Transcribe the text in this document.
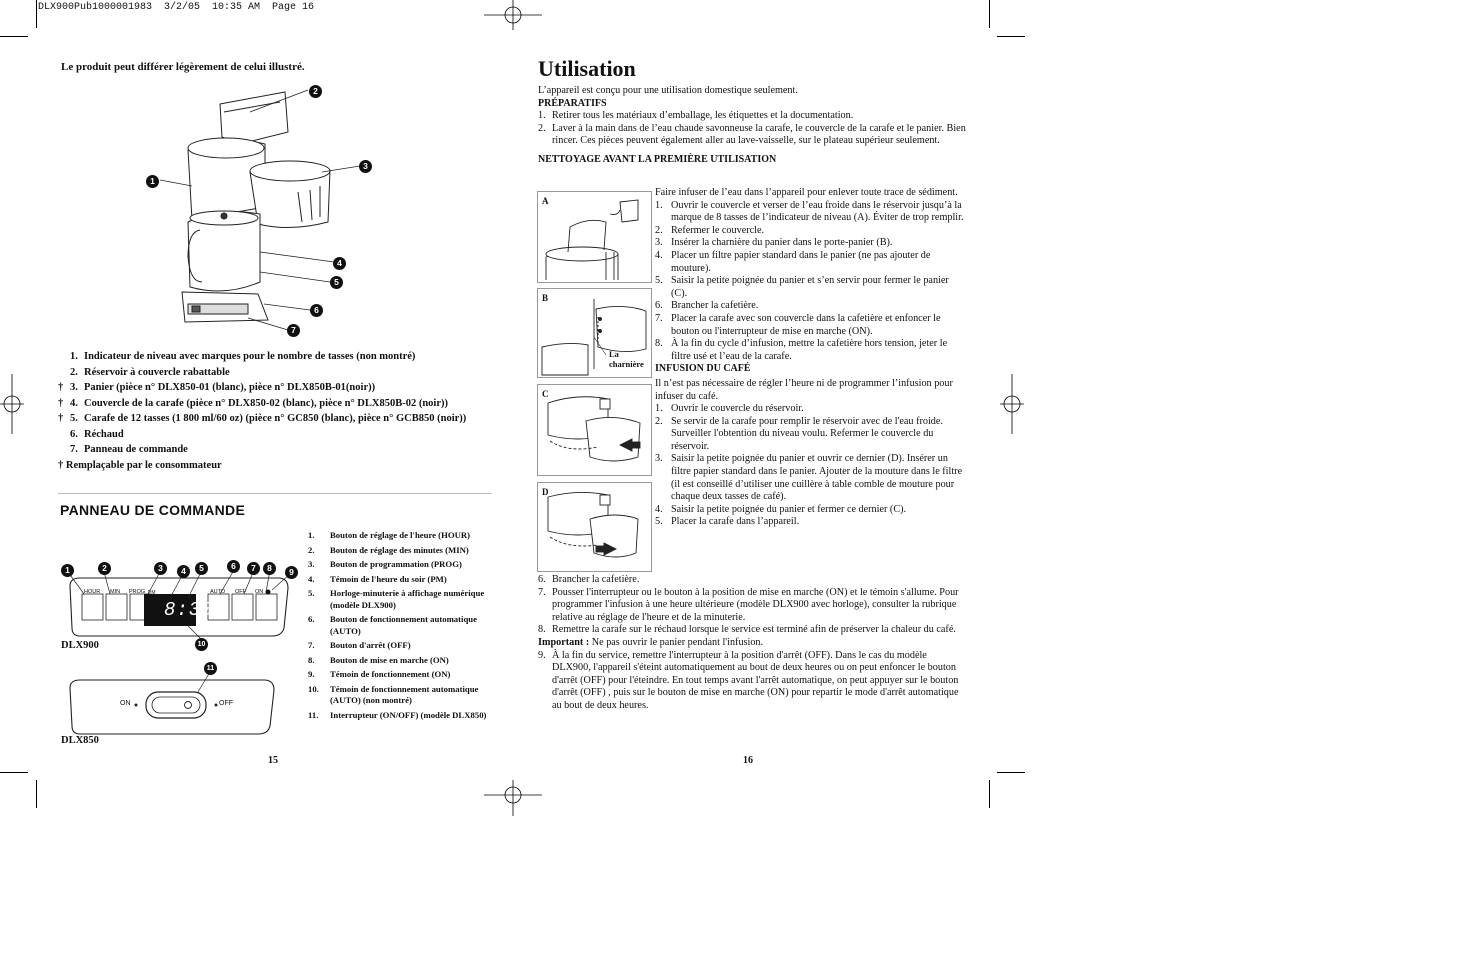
DLX900Pub1000001983  3/2/05  10:35 AM  Page 16
Le produit peut différer légèrement de celui illustré.
2
1
3
4
5
6
7
1. Indicateur de niveau avec marques pour le nombre de tasses (non montré)
2. Réservoir à couvercle rabattable
† 3. Panier (pièce n° DLX850-01 (blanc), pièce n° DLX850B-01(noir))
† 4. Couvercle de la carafe (pièce n° DLX850-02 (blanc), pièce n° DLX850B-02 (noir))
† 5. Carafe de 12 tasses (1 800 ml/60 oz) (pièce n° GC850 (blanc), pièce n° GCB850 (noir))
6. Réchaud
7. Panneau de commande
† Remplaçable par le consommateur
PANNEAU DE COMMANDE
HOUR MIN PROG PM	AUTO OFF ON
8:30
1	2	3	4	5	6	7	8	9
10
11
DLX900
ON	OFF
DLX850
1. Bouton de réglage de l'heure (HOUR)
2. Bouton de réglage des minutes (MIN)
3. Bouton de programmation (PROG)
4. Témoin de l'heure du soir (PM)
5. Horloge-minuterie à affichage numérique (modèle DLX900)
6. Bouton de fonctionnement automatique (AUTO)
7. Bouton d'arrêt (OFF)
8. Bouton de mise en marche (ON)
9. Témoin de fonctionnement (ON)
10. Témoin de fonctionnement automatique (AUTO) (non montré)
11. Interrupteur (ON/OFF) (modèle DLX850)
15
Utilisation
L’appareil est conçu pour une utilisation domestique seulement.
PRÉPARATIFS
1. Retirer tous les matériaux d’emballage, les étiquettes et la documentation.
2. Laver à la main dans de l’eau chaude savonneuse la carafe, le couvercle de la carafe et le panier. Bien rincer. Ces pièces peuvent également aller au lave-vaisselle, sur le plateau supérieur seulement.
NETTOYAGE AVANT LA PREMIÈRE UTILISATION
A
B
La
charnière
C
D
Faire infuser de l’eau dans l’appareil pour enlever toute trace de sédiment.
1. Ouvrir le couvercle et verser de l’eau froide dans le réservoir jusqu’à la marque de 8 tasses de l’indicateur de niveau (A). Éviter de trop remplir.
2. Refermer le couvercle.
3. Insérer la charnière du panier dans le porte-panier (B).
4. Placer un filtre papier standard dans le panier (ne pas ajouter de mouture).
5. Saisir la petite poignée du panier et s’en servir pour fermer le panier (C).
6. Brancher la cafetière.
7. Placer la carafe avec son couvercle dans la cafetière et enfoncer le bouton ou l'interrupteur de mise en marche (ON).
8. À la fin du cycle d’infusion, mettre la cafetière hors tension, jeter le filtre usé et l’eau de la carafe.
INFUSION DU CAFÉ
Il n’est pas nécessaire de régler l’heure ni de programmer l’infusion pour infuser du café.
1. Ouvrir le couvercle du réservoir.
2. Se servir de la carafe pour remplir le réservoir avec de l'eau froide. Surveiller l'obtention du niveau voulu. Refermer le couvercle du réservoir.
3. Saisir la petite poignée du panier et ouvrir ce dernier (D). Insérer un filtre papier standard dans le panier. Ajouter de la mouture dans le filtre (il est conseillé d’utiliser une cuillère à table comble de mouture pour chaque deux tasses de café).
4. Saisir la petite poignée du panier et fermer ce dernier (C).
5. Placer la carafe dans l’appareil.
6. Brancher la cafetière.
7. Pousser l'interrupteur ou le bouton à la position de mise en marche (ON) et le témoin s'allume. Pour programmer l'infusion à une heure ultérieure (modèle DLX900 avec horloge), consulter la rubrique relative au réglage de l'heure et de la minuterie.
8. Remettre la carafe sur le réchaud lorsque le service est terminé afin de préserver la chaleur du café.
Important : Ne pas ouvrir le panier pendant l'infusion.
9. À la fin du service, remettre l'interrupteur à la position d'arrêt (OFF). Dans le cas du modèle DLX900, l'appareil s'éteint automatiquement au bout de deux heures ou on peut enfoncer le bouton d'arrêt (OFF) pour l'éteindre. En tout temps avant l'arrêt automatique, on peut appuyer sur le bouton d'arrêt (OFF) , puis sur le bouton de mise en marche (ON) pour repartir le mode d'arrêt automatique au bout de deux heures.
16
